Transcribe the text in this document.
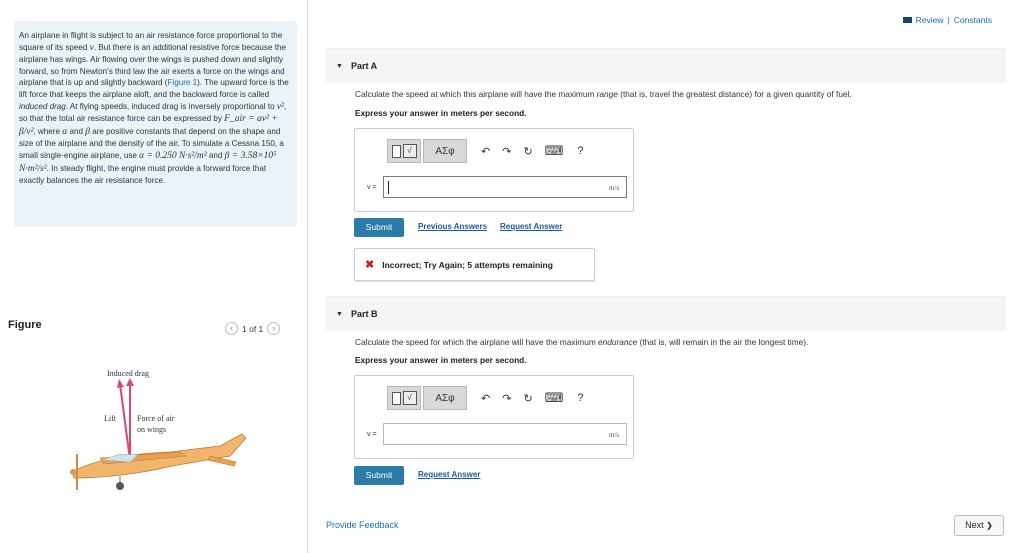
An airplane in flight is subject to an air resistance force proportional to the square of its speed v. But there is an additional resistive force because the airplane has wings. Air flowing over the wings is pushed down and slightly forward, so from Newton's third law the air exerts a force on the wings and airplane that is up and slightly backward (Figure 1). The upward force is the lift force that keeps the airplane aloft, and the backward force is called induced drag. At flying speeds, induced drag is inversely proportional to v², so that the total air resistance force can be expressed by F_air = αv² + β/v², where α and β are positive constants that depend on the shape and size of the airplane and the density of the air. To simulate a Cessna 150, a small single-engine airplane, use α = 0.250 N·s²/m² and β = 3.58×10⁵ N·m²/s². In steady flight, the engine must provide a forward force that exactly balances the air resistance force.
Figure	‹	1 of 1	›
Induced drag
Lift	Force of air
on wings
Review | Constants
▼ Part A
Calculate the speed at which this airplane will have the maximum range (that is, travel the greatest distance) for a given quantity of fuel.
Express your answer in meters per second.
√	ΑΣφ	↶ ↷ ↻ ⌨ ?
v =	m/s
Submit	Previous Answers Request Answer
✖ Incorrect; Try Again; 5 attempts remaining
▼ Part B
Calculate the speed for which the airplane will have the maximum endurance (that is, will remain in the air the longest time).
Express your answer in meters per second.
√	ΑΣφ	↶ ↷ ↻ ⌨ ?
v =	m/s
Submit	Request Answer
Provide Feedback	Next ❯
